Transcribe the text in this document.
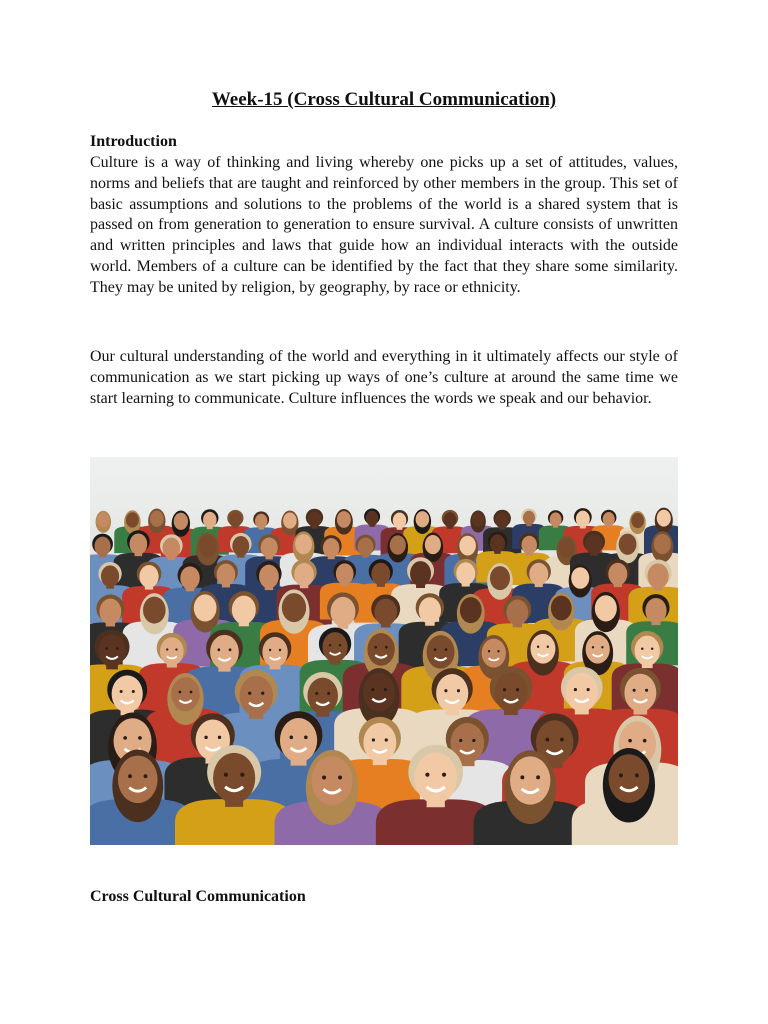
Week-15 (Cross Cultural Communication)
Introduction

Culture is a way of thinking and living whereby one picks up a set of attitudes, values, norms and beliefs that are taught and reinforced by other members in the group. This set of basic assumptions and solutions to the problems of the world is a shared system that is passed on from generation to generation to ensure survival. A culture consists of unwritten and written principles and laws that guide how an individual interacts with the outside world. Members of a culture can be identified by the fact that they share some similarity. They may be united by religion, by geography, by race or ethnicity.

Our cultural understanding of the world and everything in it ultimately affects our style of communication as we start picking up ways of one’s culture at around the same time we start learning to communicate. Culture influences the words we speak and our behavior.

Cross Cultural Communication
